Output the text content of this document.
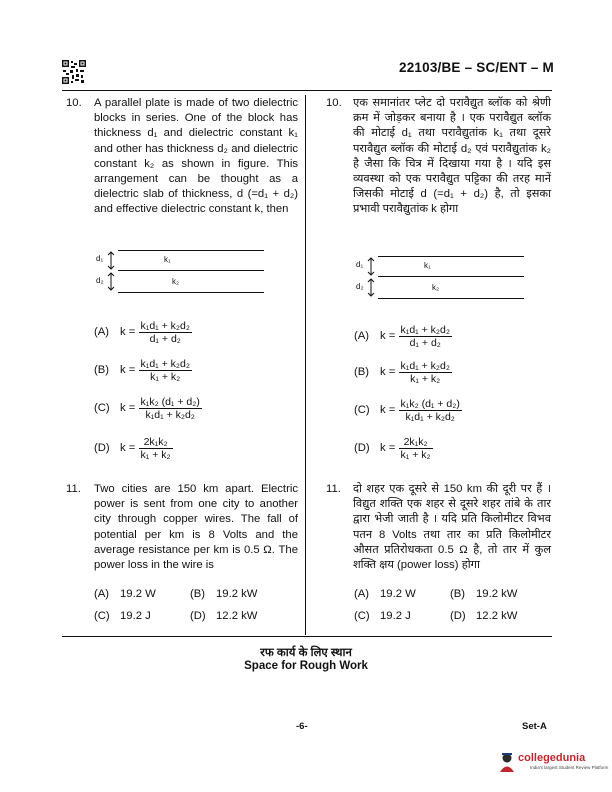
22103/BE – SC/ENT – M
10.	A parallel plate is made of two dielectric blocks in series. One of the block has thickness d₁ and dielectric constant k₁ and other has thickness d₂ and dielectric constant k₂ as shown in figure. This arrangement can be thought as a dielectric slab of thickness, d (=d₁ + d₂) and effective dielectric constant k, then
d₁
d₂
k₁
k₂
(A) $k = \frac{\text{k₁d₁ + k₂d₂}}{\text{d₁ + d₂}}$
(B) $k = \frac{\text{k₁d₁ + k₂d₂}}{\text{k₁ + k₂}}$
(C) $k = \frac{\text{k₁k₂ (d₁ + d₂)}}{\text{k₁d₁ + k₂d₂}}$
(D) $k = \frac{\text{2k₁k₂}}{\text{k₁ + k₂}}$
10. एक समानांतर प्लेट दो परावैद्युत ब्लॉक को श्रेणी क्रम में जोड़कर बनाया है । एक परावैद्युत ब्लॉक की मोटाई d₁ तथा परावैद्युतांक k₁ तथा दूसरे परावैद्युत ब्लॉक की मोटाई d₂ एवं परावैद्युतांक k₂ है जैसा कि चित्र में दिखाया गया है । यदि इस व्यवस्था को एक परावैद्युत पट्टिका की तरह मानें जिसकी मोटाई d (=d₁ + d₂) है, तो इसका प्रभावी परावैद्युतांक k होगा
d₁
d₂
k₁
k₂
(A) $k = \frac{\text{k₁d₁ + k₂d₂}}{\text{d₁ + d₂}}$
(B) $k = \frac{\text{k₁d₁ + k₂d₂}}{\text{k₁ + k₂}}$
(C) $k = \frac{\text{k₁k₂ (d₁ + d₂)}}{\text{k₁d₁ + k₂d₂}}$
(D) $k = \frac{\text{2k₁k₂}}{\text{k₁ + k₂}}$
11.	Two cities are 150 km apart. Electric power is sent from one city to another city through copper wires. The fall of potential per km is 8 Volts and the average resistance per km is 0.5 Ω. The power loss in the wire is
(A) 19.2 W	(B) 19.2 kW
(C) 19.2 J	(D) 12.2 kW
11.	दो शहर एक दूसरे से 150 km की दूरी पर हैं । विद्युत शक्ति एक शहर से दूसरे शहर तांबे के तार द्वारा भेजी जाती है । यदि प्रति किलोमीटर विभव पतन 8 Volts तथा तार का प्रति किलोमीटर औसत प्रतिरोधकता 0.5 Ω है, तो तार में कुल शक्ति क्षय (power loss) होगा
(A) 19.2 W	(B) 19.2 kW
(C) 19.2 J	(D) 12.2 kW
रफ कार्य के लिए स्थान
Space for Rough Work
-6-	Set-A
collegedunia
India's largest Student Review Platform
